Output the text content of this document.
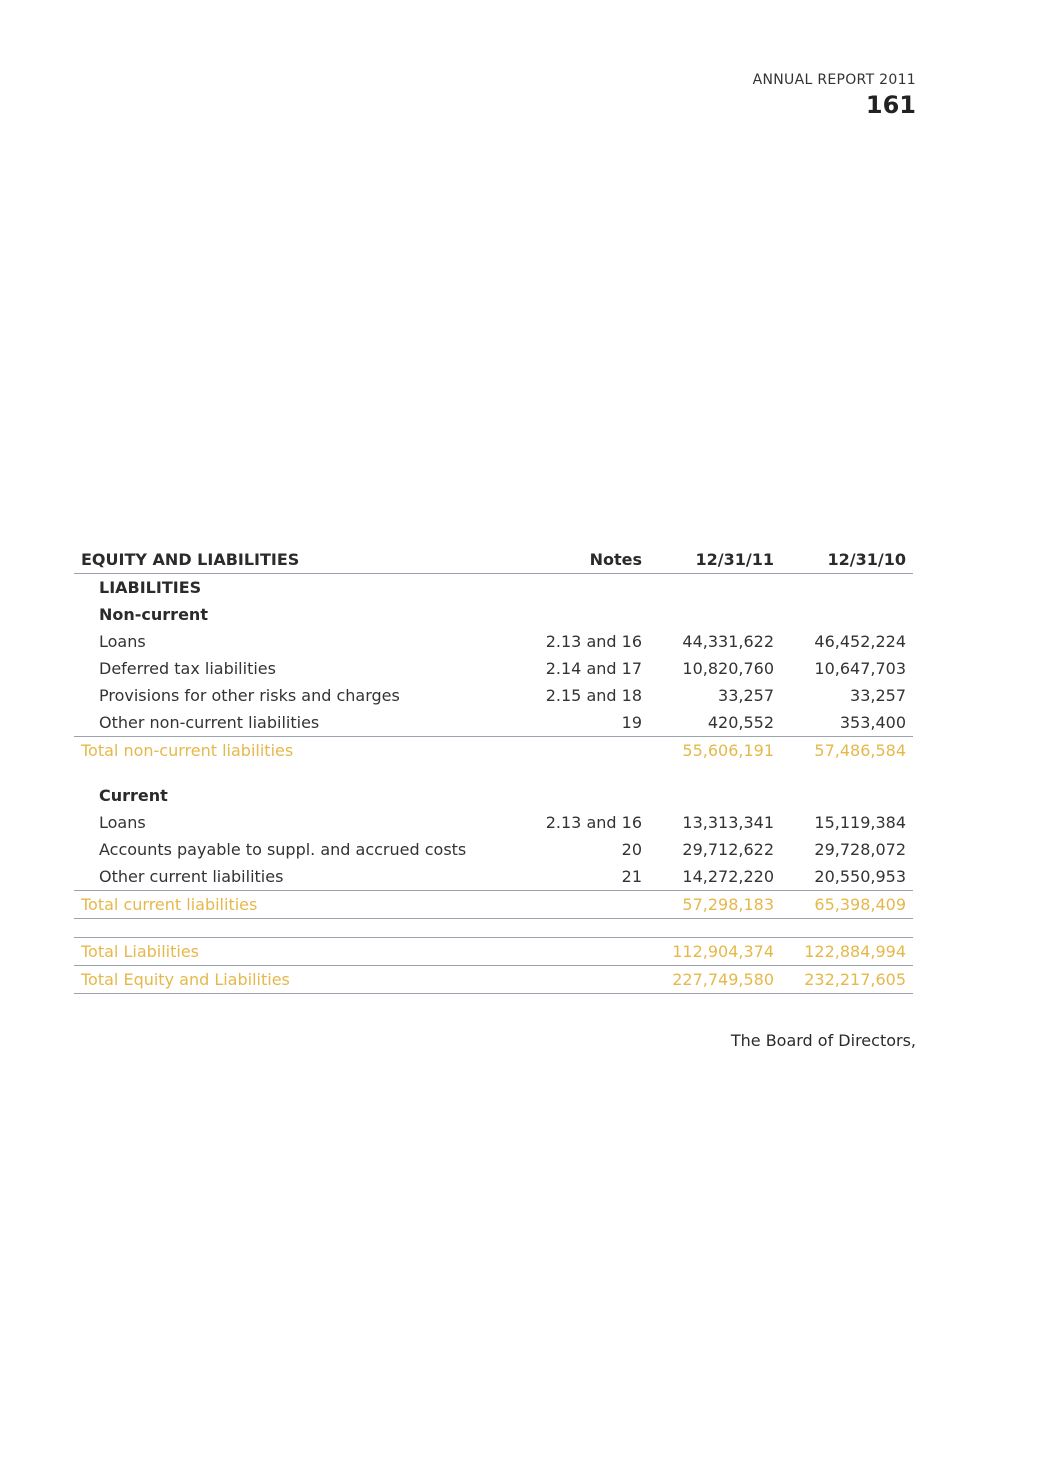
ANNUAL REPORT 2011
161
EQUITY AND LIABILITIES	Notes	12/31/11	12/31/10
LIABILITIES
Non-current
Loans	2.13 and 16	44,331,622	46,452,224
Deferred tax liabilities	2.14 and 17	10,820,760	10,647,703
Provisions for other risks and charges	2.15 and 18	33,257	33,257
Other non-current liabilities	19	420,552	353,400
Total non-current liabilities	55,606,191	57,486,584
Current
Loans	2.13 and 16	13,313,341	15,119,384
Accounts payable to suppl. and accrued costs	20	29,712,622	29,728,072
Other current liabilities	21	14,272,220	20,550,953
Total current liabilities	57,298,183	65,398,409
Total Liabilities	112,904,374 122,884,994
Total Equity and Liabilities	227,749,580 232,217,605
The Board of Directors,
